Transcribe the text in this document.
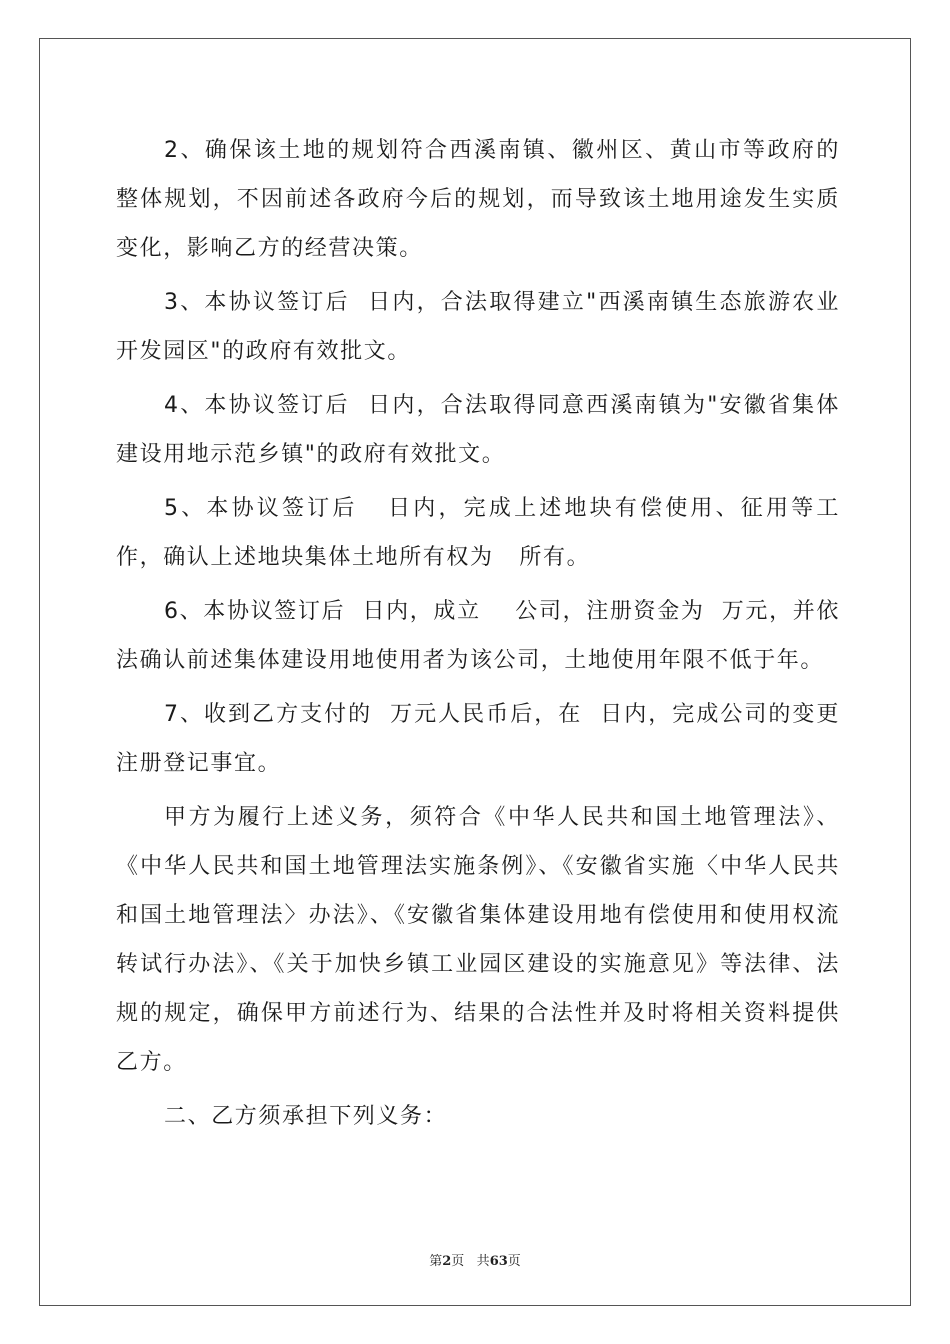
2、确保该土地的规划符合西溪南镇、徽州区、黄山市等政府的整体规划，不因前述各政府今后的规划，而导致该土地用途发生实质变化，影响乙方的经营决策。

3、本协议签订后  日内，合法取得建立"西溪南镇生态旅游农业开发园区"的政府有效批文。

4、本协议签订后  日内，合法取得同意西溪南镇为"安徽省集体建设用地示范乡镇"的政府有效批文。

5、本协议签订后   日内，完成上述地块有偿使用、征用等工作，确认上述地块集体土地所有权为   所有。

6、本协议签订后  日内，成立    公司，注册资金为  万元，并依法确认前述集体建设用地使用者为该公司，土地使用年限不低于年。

7、收到乙方支付的  万元人民币后，在  日内，完成公司的变更注册登记事宜。

甲方为履行上述义务，须符合《中华人民共和国土地管理法》、《中华人民共和国土地管理法实施条例》、《安徽省实施〈中华人民共和国土地管理法〉办法》、《安徽省集体建设用地有偿使用和使用权流转试行办法》、《关于加快乡镇工业园区建设的实施意见》等法律、法规的规定，确保甲方前述行为、结果的合法性并及时将相关资料提供乙方。

二、乙方须承担下列义务：

第2页 共63页
